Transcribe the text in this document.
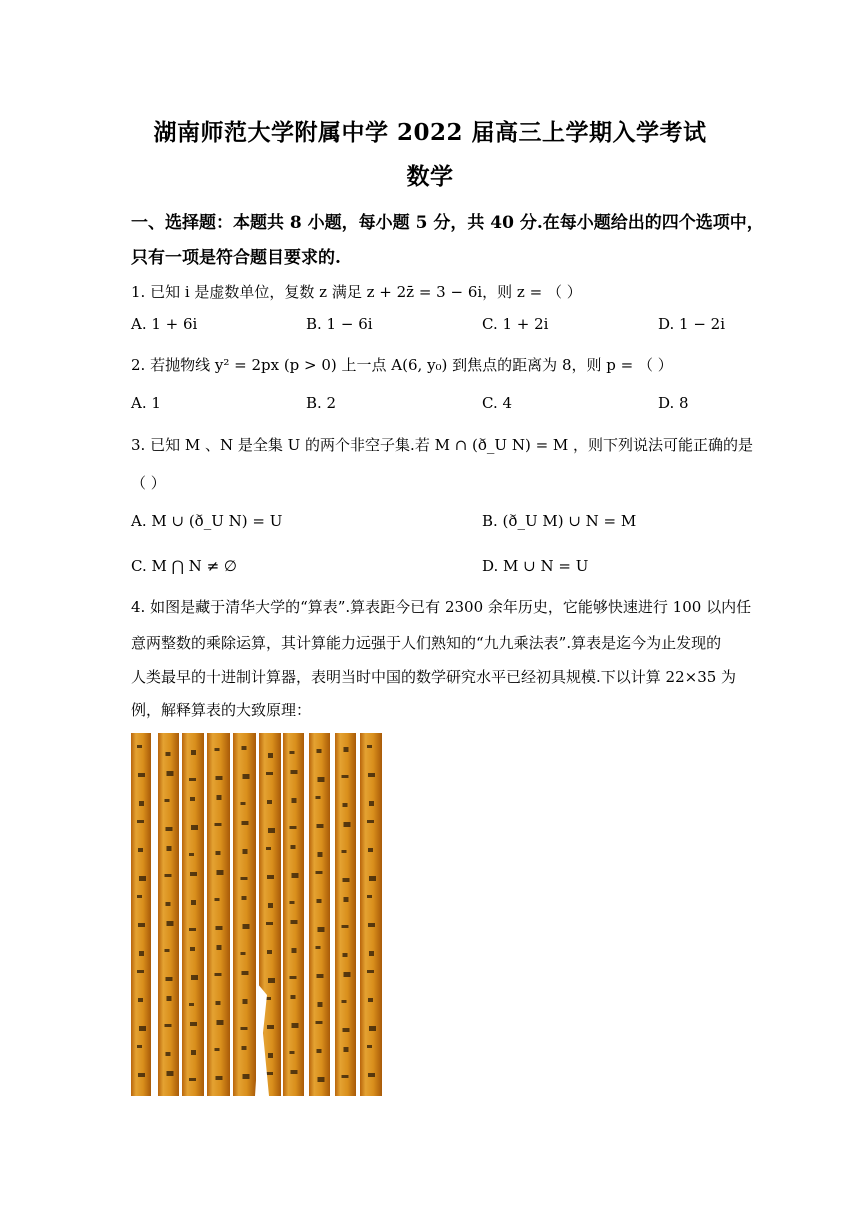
湖南师范大学附属中学 2022 届高三上学期入学考试
数学
一、选择题：本题共 8 小题，每小题 5 分，共 40 分.在每小题给出的四个选项中，
只有一项是符合题目要求的.
1. 已知 i 是虚数单位，复数 z 满足 z + 2z̄ = 3 − 6i，则 z = （ ）
A. 1 + 6i	B. 1 − 6i	C. 1 + 2i	D. 1 − 2i
2. 若抛物线 y² = 2px (p > 0) 上一点 A(6, y₀) 到焦点的距离为 8，则 p = （ ）
A. 1	B. 2	C. 4	D. 8
3. 已知 M 、N 是全集 U 的两个非空子集.若 M ∩ (ð_U N) = M ，则下列说法可能正确的是
（ ）
A. M ∪ (ð_U N) = U	B. (ð_U M) ∪ N = M
C. M ⋂ N ≠ ∅	D. M ∪ N = U
4. 如图是藏于清华大学的“算表”.算表距今已有 2300 余年历史，它能够快速进行 100 以内任
意两整数的乘除运算，其计算能力远强于人们熟知的“九九乘法表”.算表是迄今为止发现的
人类最早的十进制计算器，表明当时中国的数学研究水平已经初具规模.下以计算 22×35 为
例，解释算表的大致原理：
